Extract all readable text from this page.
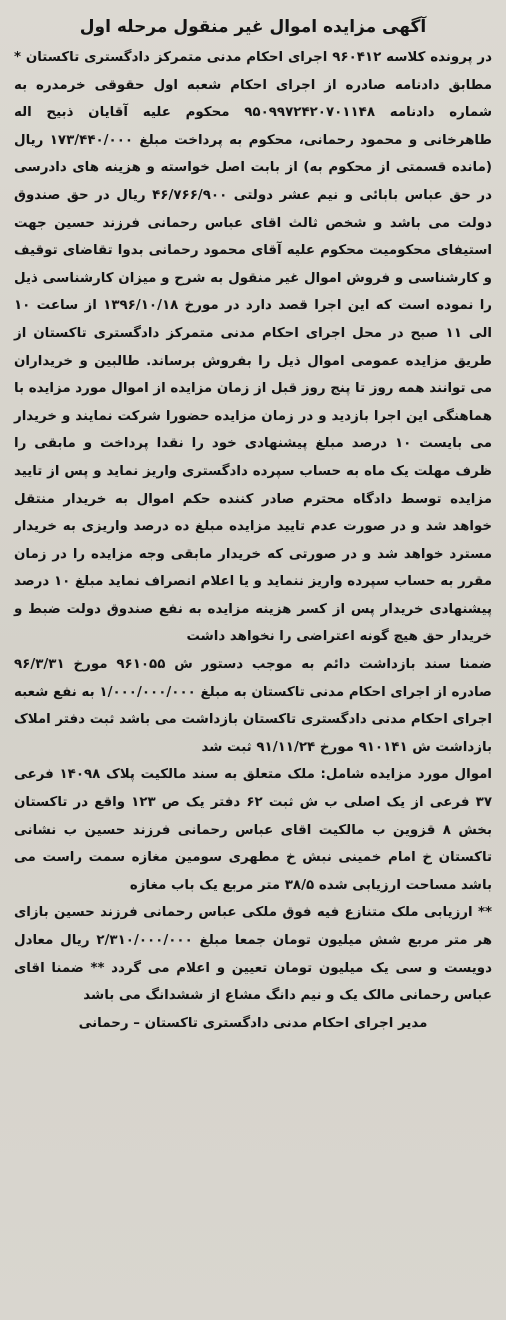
آگهی مزایده اموال غیر منقول مرحله اول

در پرونده کلاسه ۹۶۰۴۱۲ اجرای احکام مدنی متمرکز دادگستری تاکستان * مطابق دادنامه صادره از اجرای احکام شعبه اول حقوقی خرمدره به شماره دادنامه ۹۵۰۹۹۷۲۴۲۰۷۰۱۱۴۸ محکوم علیه آقایان ذبیح اله طاهرخانی و محمود رحمانی، محکوم به پرداخت مبلغ ۱۷۳/۴۴۰/۰۰۰ ریال (مانده قسمتی از محکوم به) از بابت اصل خواسته و هزینه های دادرسی در حق عباس بابائی و نیم عشر دولتی ۴۶/۷۶۶/۹۰۰ ریال در حق صندوق دولت می باشد و شخص ثالث اقای عباس رحمانی فرزند حسین جهت استیفای محکومیت محکوم علیه آقای محمود رحمانی بدوا تقاضای توقیف و کارشناسی و فروش اموال غیر منقول به شرح و میزان کارشناسی ذیل را نموده است که این اجرا قصد دارد در مورخ ۱۳۹۶/۱۰/۱۸ از ساعت ۱۰ الی ۱۱ صبح در محل اجرای احکام مدنی متمرکز دادگستری تاکستان از طریق مزایده عمومی اموال ذیل را بفروش برساند. طالبین و خریداران می توانند همه روز تا پنج روز قبل از زمان مزایده از اموال مورد مزایده با هماهنگی این اجرا بازدید و در زمان مزایده حضورا شرکت نمایند و خریدار می بایست ۱۰ درصد مبلغ پیشنهادی خود را نقدا پرداخت و مابقی را ظرف مهلت یک ماه به حساب سپرده دادگستری واریز نماید و پس از تایید مزایده توسط دادگاه محترم صادر کننده حکم اموال به خریدار منتقل خواهد شد و در صورت عدم تایید مزایده مبلغ ده درصد واریزی به خریدار مسترد خواهد شد و در صورتی که خریدار مابقی وجه مزایده را در زمان مقرر به حساب سپرده واریز ننماید و یا اعلام انصراف نماید مبلغ ۱۰ درصد پیشنهادی خریدار پس از کسر هزینه مزایده به نفع صندوق دولت ضبط و خریدار حق هیچ گونه اعتراضی را نخواهد داشت

ضمنا سند بازداشت دائم به موجب دستور ش ۹۶۱۰۵۵ مورخ ۹۶/۳/۳۱ صادره از اجرای احکام مدنی تاکستان به مبلغ ۱/۰۰۰/۰۰۰/۰۰۰ به نفع شعبه اجرای احکام مدنی دادگستری تاکستان بازداشت می باشد ثبت دفتر املاک بازداشت ش ۹۱۰۱۴۱ مورخ ۹۱/۱۱/۲۴ ثبت شد

اموال مورد مزایده شامل: ملک متعلق به سند مالکیت پلاک ۱۴۰۹۸ فرعی ۳۷ فرعی از یک اصلی ب ش ثبت ۶۲ دفتر یک ص ۱۲۳ واقع در تاکستان بخش ۸ قزوین ب مالکیت اقای عباس رحمانی فرزند حسین ب نشانی تاکستان خ امام خمینی نبش خ مطهری سومین مغازه سمت راست می باشد مساحت ارزیابی شده ۳۸/۵ متر مربع یک باب مغازه

** ارزیابی ملک متنازع فیه فوق ملکی عباس رحمانی فرزند حسین بازای هر متر مربع شش میلیون تومان جمعا مبلغ ۲/۳۱۰/۰۰۰/۰۰۰ ریال معادل دویست و سی یک میلیون تومان تعیین و اعلام می گردد ** ضمنا اقای عباس رحمانی مالک یک و نیم دانگ مشاع از ششدانگ می باشد

مدیر اجرای احکام مدنی دادگستری تاکستان – رحمانی
